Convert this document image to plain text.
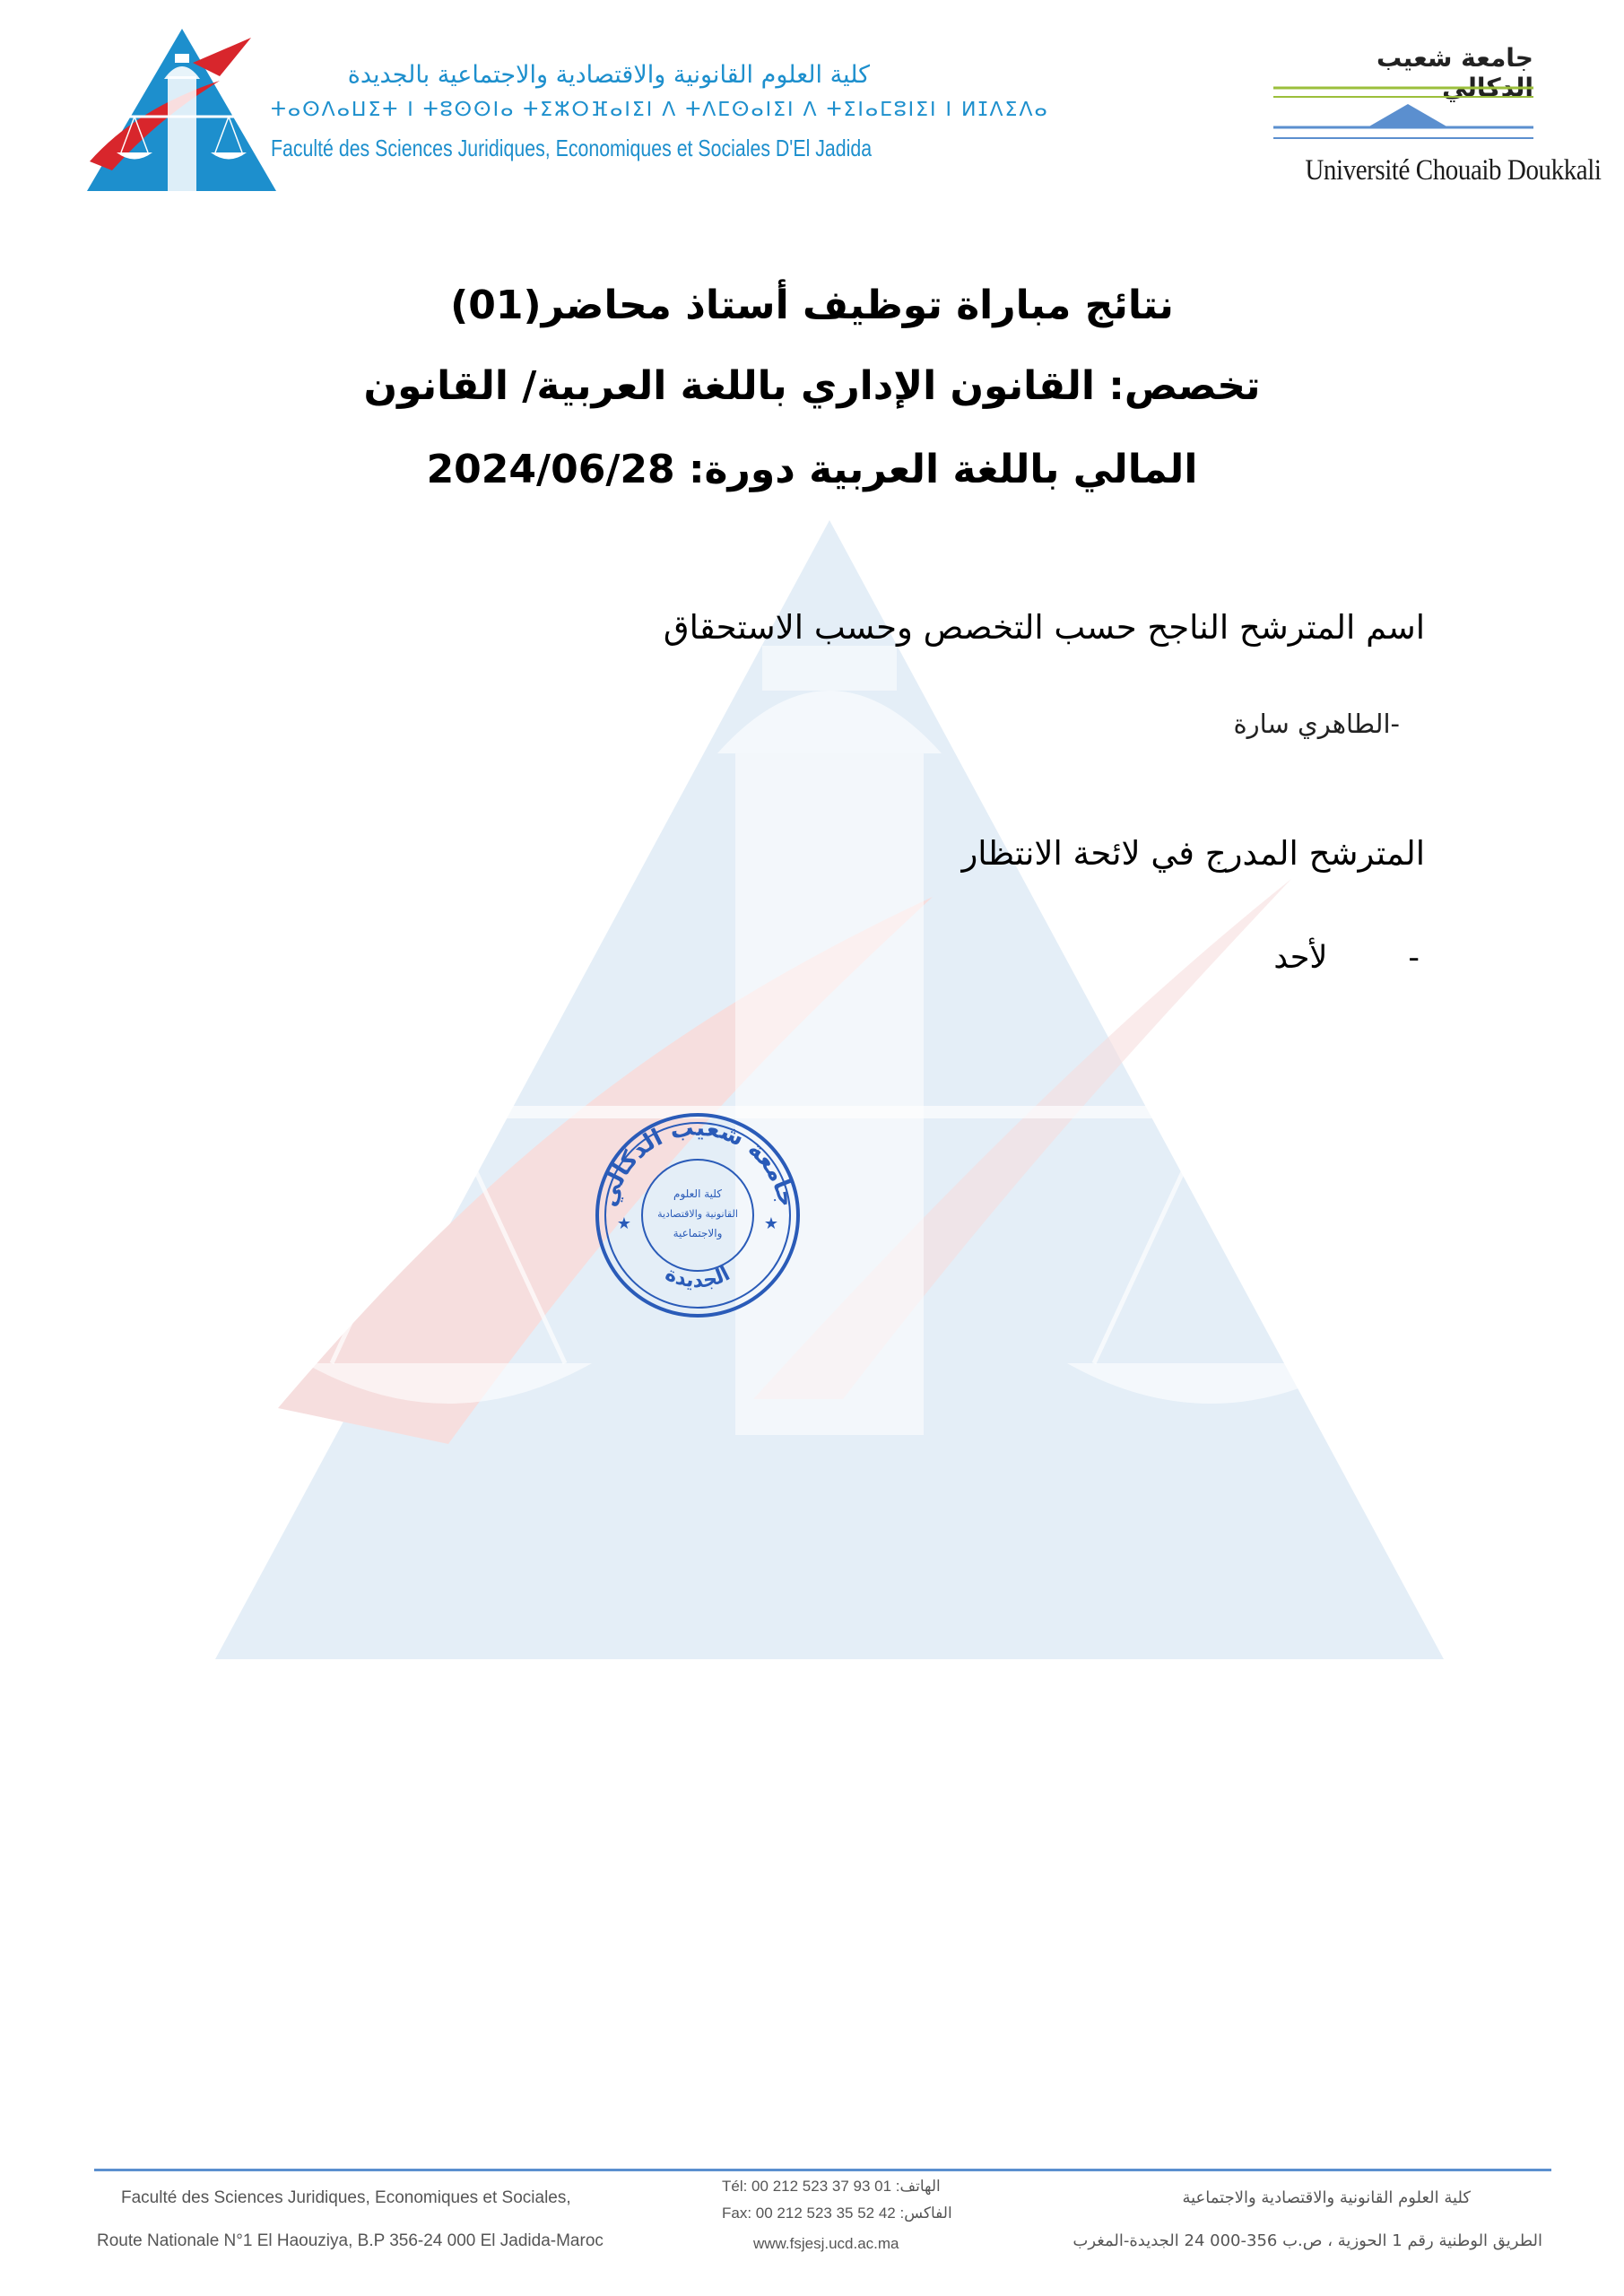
كلية العلوم القانونية والاقتصادية والاجتماعية بالجديدة
ⵜⴰⵙⴷⴰⵡⵉⵜ ⵏ ⵜⵓⵙⵙⵏⴰ ⵜⵉⵣⵔⴼⴰⵏⵉⵏ ⴷ ⵜⴷⵎⵙⴰⵏⵉⵏ ⴷ ⵜⵉⵏⴰⵎⵓⵏⵉⵏ ⵏ ⵍⵊⴷⵉⴷⴰ
Faculté des Sciences Juridiques, Economiques et Sociales D'El Jadida
جامعة شعيب الدكالي
Université Chouaib Doukkali
نتائج مباراة توظيف أستاذ محاضر(01)
تخصص: القانون الإداري باللغة العربية/ القانون
المالي باللغة العربية دورة: 2024/06/28
اسم المترشح الناجح حسب التخصص وحسب الاستحقاق
-الطاهري سارة
المترشح المدرج في لائحة الانتظار
-لأحد
جامعة شعيب الدكالي
الجديدة
كلية العلوم
القانونية والاقتصادية
والاجتماعية
★	★
Faculté des Sciences Juridiques, Economiques et Sociales,
Route Nationale N°1 El Haouziya, B.P 356-24 000 El Jadida-Maroc
Tél: 00 212 523 37 93 01 :الهاتف
Fax: 00 212 523 35 52 42 :الفاكس
www.fsjesj.ucd.ac.ma
كلية العلوم القانونية والاقتصادية والاجتماعية
الطريق الوطنية رقم 1 الحوزية ، ص.ب 356-000 24 الجديدة-المغرب
